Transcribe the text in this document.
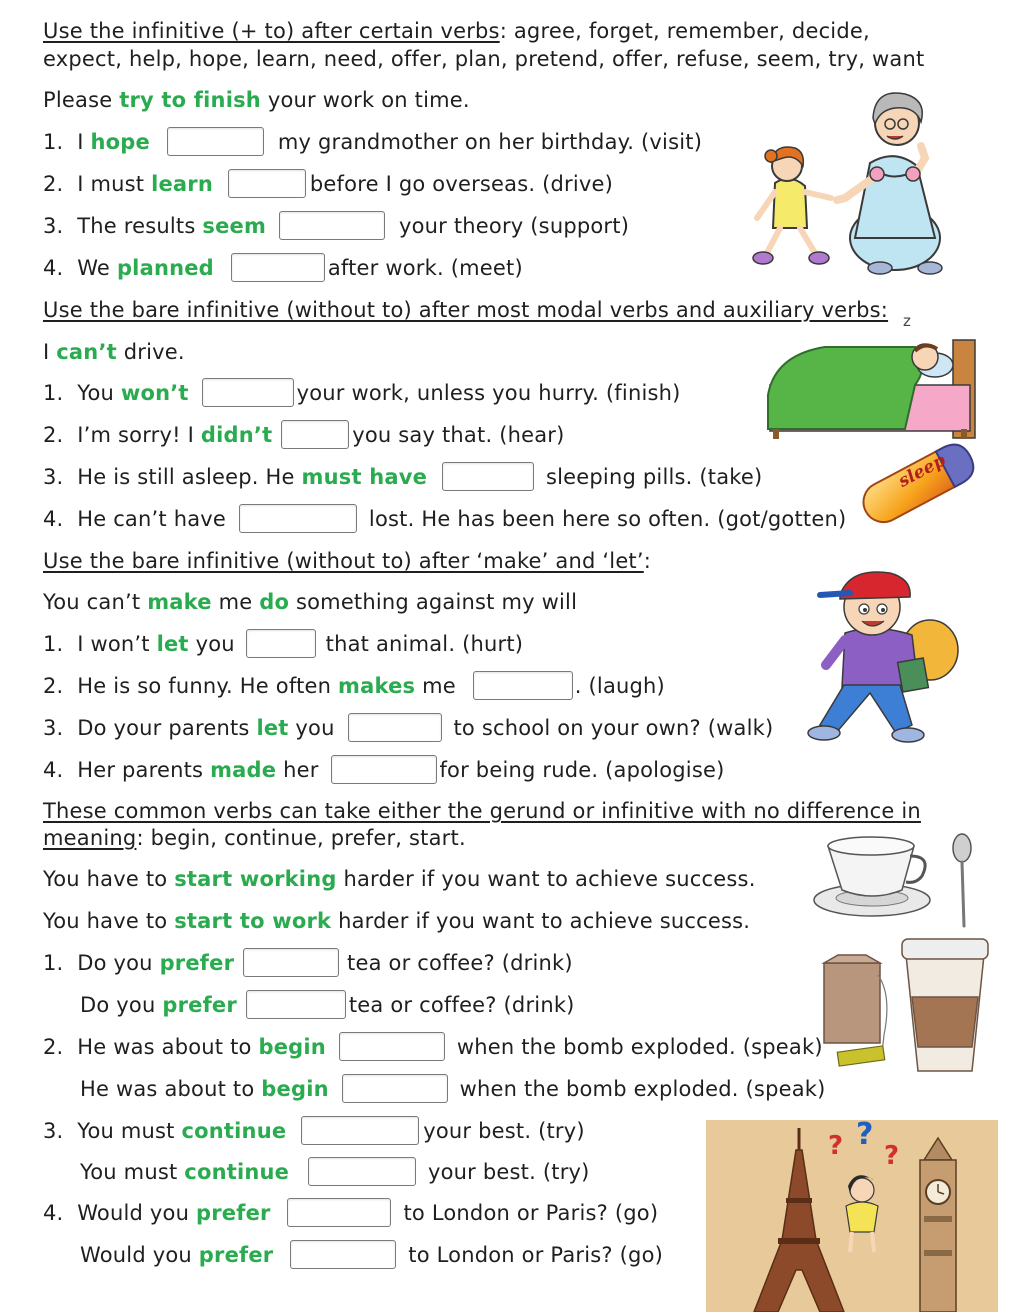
Use the infinitive (+ to) after certain verbs: agree, forget, remember, decide,
expect, help, hope, learn, need, offer, plan, pretend, offer, refuse, seem, try, want
Please try to finish your work on time.
1. I hope	my grandmother on her birthday. (visit)
2. I must learn	before I go overseas. (drive)
3. The results seem	your theory (support)
4. We planned	after work. (meet)
Use the bare infinitive (without to) after most modal verbs and auxiliary verbs: z
I can’t drive.
1. You won’t	your work, unless you hurry. (finish)
2. I’m sorry! I didn’t	you say that. (hear)
3. He is still asleep. He must have	sleeping pills. (take)
4. He can’t have	lost. He has been here so often. (got/gotten)
sleep
Use the bare infinitive (without to) after ‘make’ and ‘let’:
You can’t make me do something against my will
1. I won’t let you	that animal. (hurt)
2. He is so funny. He often makes me	. (laugh)
3. Do your parents let you	to school on your own? (walk)
4. Her parents made her	for being rude. (apologise)
These common verbs can take either the gerund or infinitive with no difference in
meaning: begin, continue, prefer, start.
You have to start working harder if you want to achieve success.
You have to start to work harder if you want to achieve success.
1. Do you prefer	tea or coffee? (drink)
Do you prefer	tea or coffee? (drink)
2. He was about to begin	when the bomb exploded. (speak)
He was about to begin	when the bomb exploded. (speak)
3. You must continue	your best. (try)
You must continue	your best. (try)
4. Would you prefer	to London or Paris? (go)
Would you prefer	to London or Paris? (go)
? ?
?
